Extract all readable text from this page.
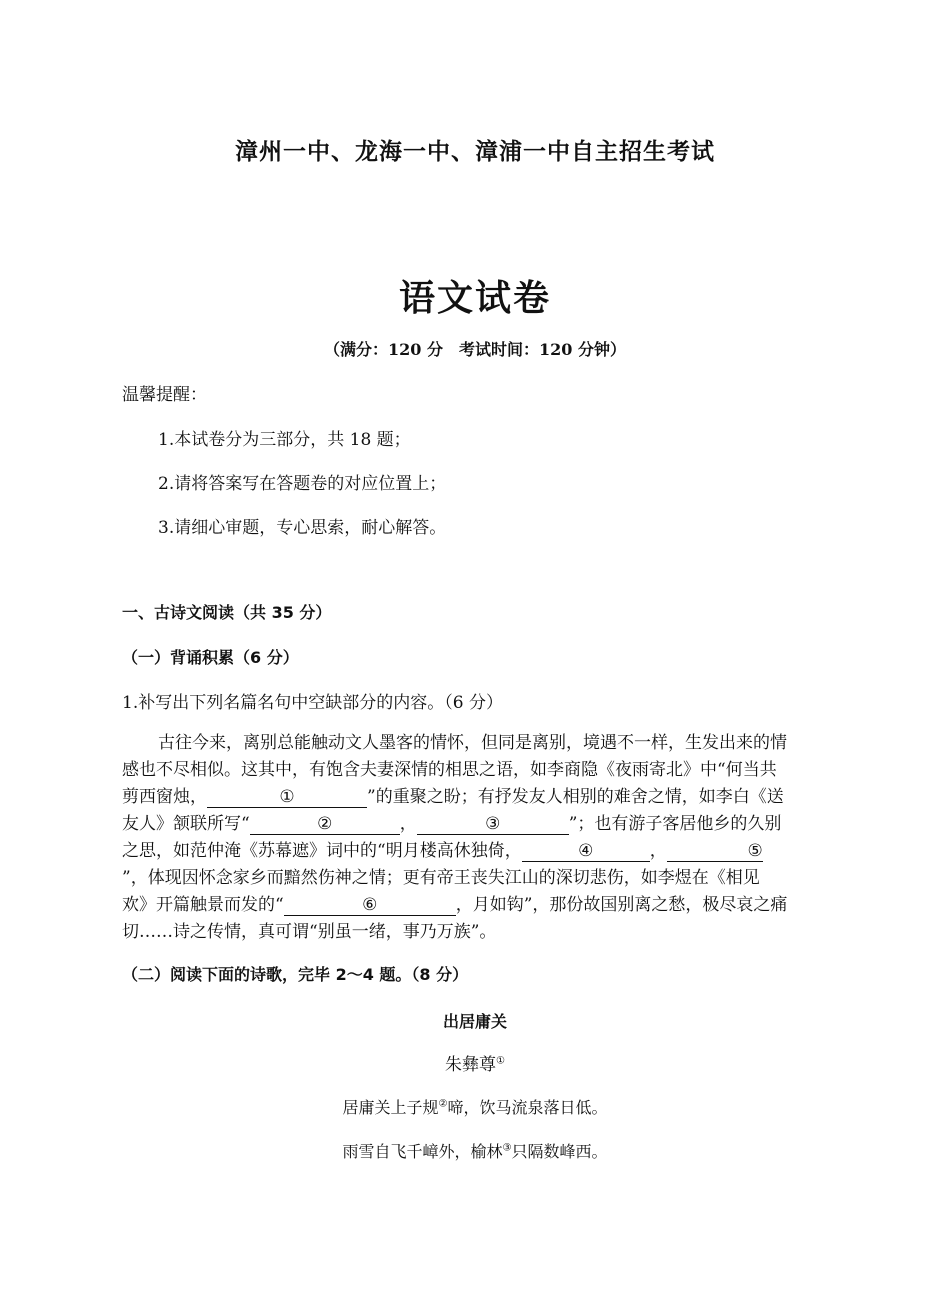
漳州一中、龙海一中、漳浦一中自主招生考试
语文试卷
（满分：120 分　考试时间：120 分钟）
温馨提醒：
1.本试卷分为三部分，共 18 题；
2.请将答案写在答题卷的对应位置上；
3.请细心审题，专心思索，耐心解答。
一、古诗文阅读（共 35 分）
（一）背诵积累（6 分）
1.补写出下列名篇名句中空缺部分的内容。（6 分）
古往今来，离别总能触动文人墨客的情怀，但同是离别，境遇不一样，生发出来的情
感也不尽相似。这其中，有饱含夫妻深情的相思之语，如李商隐《夜雨寄北》中“何当共
剪西窗烛，	①	”的重聚之盼；有抒发友人相别的难舍之情，如李白《送
友人》颔联所写“	②	，	③	”；也有游子客居他乡的久别
之思，如范仲淹《苏幕遮》词中的“明月楼高休独倚，	④	，	⑤
”，体现因怀念家乡而黯然伤神之情；更有帝王丧失江山的深切悲伤，如李煜在《相见
欢》开篇触景而发的“	⑥	，月如钩”，那份故国别离之愁，极尽哀之痛
切……诗之传情，真可谓“别虽一绪，事乃万族”。
（二）阅读下面的诗歌，完毕 2～4 题。（8 分）
出居庸关
朱彝尊①
居庸关上子规②啼，饮马流泉落日低。
雨雪自飞千嶂外，榆林③只隔数峰西。
